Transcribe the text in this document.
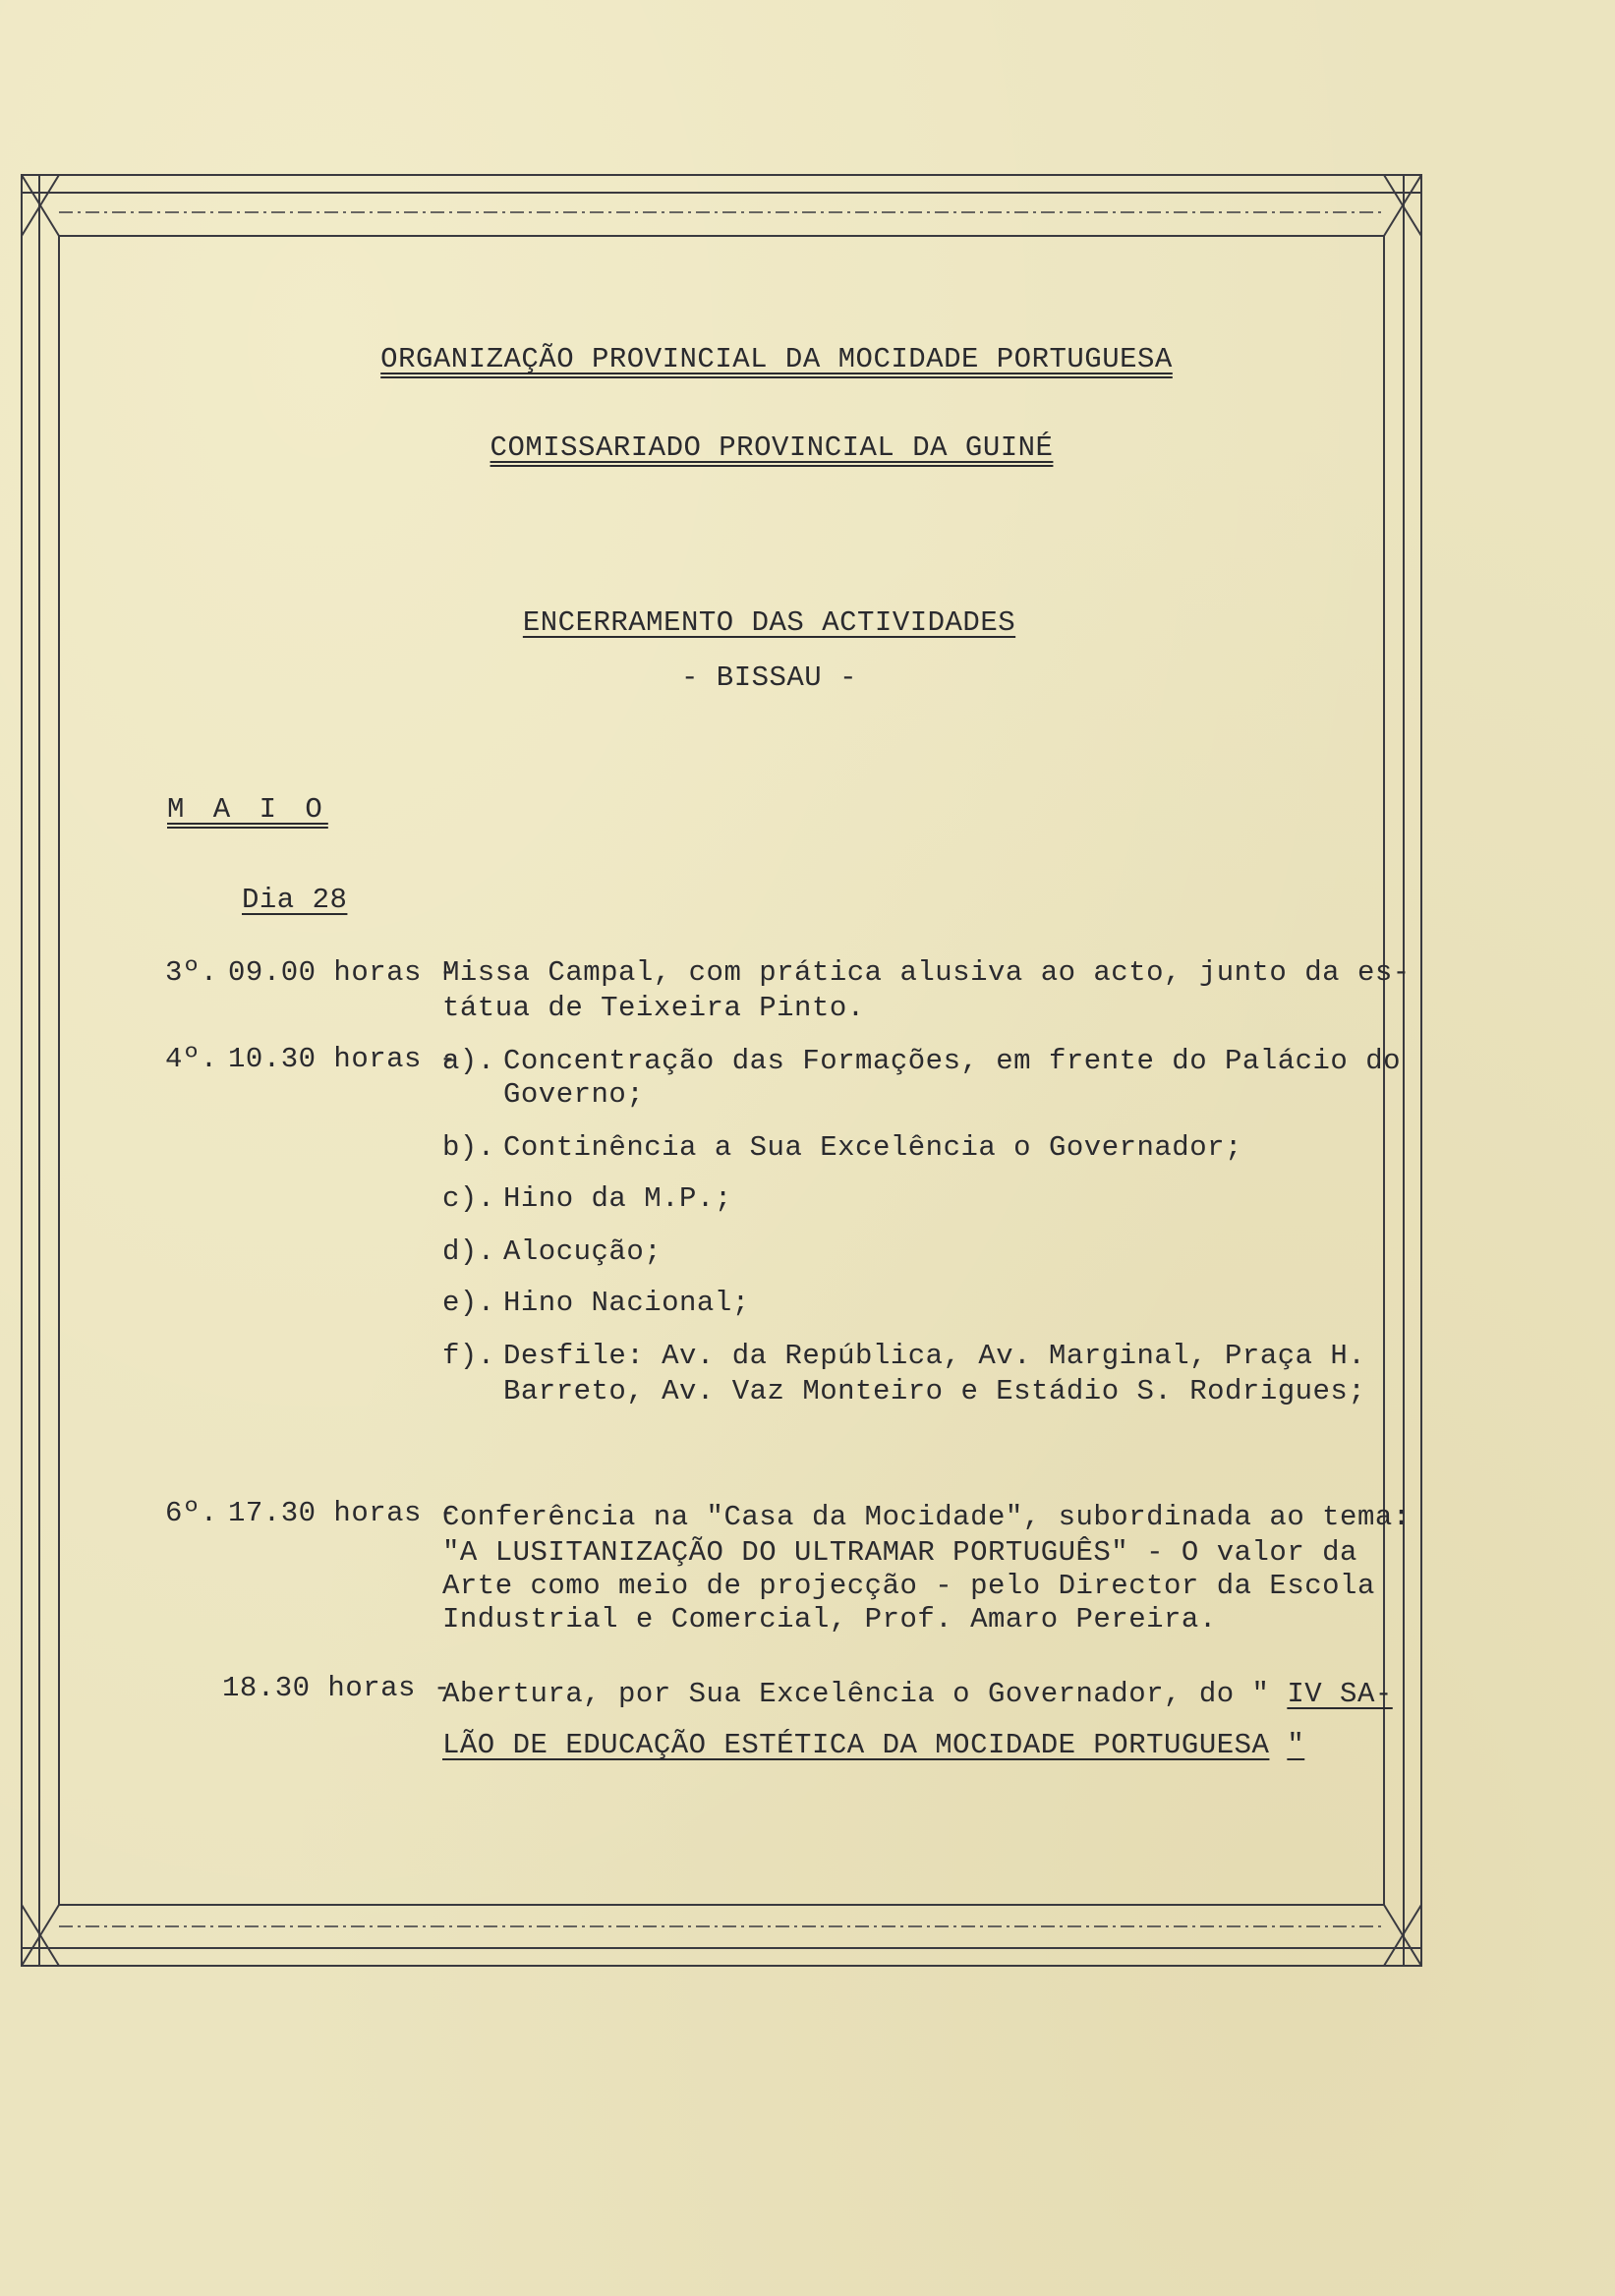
ORGANIZAÇÃO PROVINCIAL DA MOCIDADE PORTUGUESA
COMISSARIADO PROVINCIAL DA GUINÉ
ENCERRAMENTO DAS ACTIVIDADES
- BISSAU -
M A I O
Dia 28
3º. 09.00 horas -
Missa Campal, com prática alusiva ao acto, junto da es-
tátua de Teixeira Pinto.
4º. 10.30 horas -
a). Concentração das Formações, em frente do Palácio do
Governo;
b). Continência a Sua Excelência o Governador;
c). Hino da M.P.;
d). Alocução;
e). Hino Nacional;
f). Desfile: Av. da República, Av. Marginal, Praça H.
Barreto, Av. Vaz Monteiro e Estádio S. Rodrigues;
6º. 17.30 horas -
Conferência na "Casa da Mocidade", subordinada ao tema:
"A LUSITANIZAÇÃO DO ULTRAMAR PORTUGUÊS" - O valor da
Arte como meio de projecção - pelo Director da Escola
Industrial e Comercial, Prof. Amaro Pereira.
18.30 horas -
Abertura, por Sua Excelência o Governador, do " IV SA-
LÃO DE EDUCAÇÃO ESTÉTICA DA MOCIDADE PORTUGUESA "
